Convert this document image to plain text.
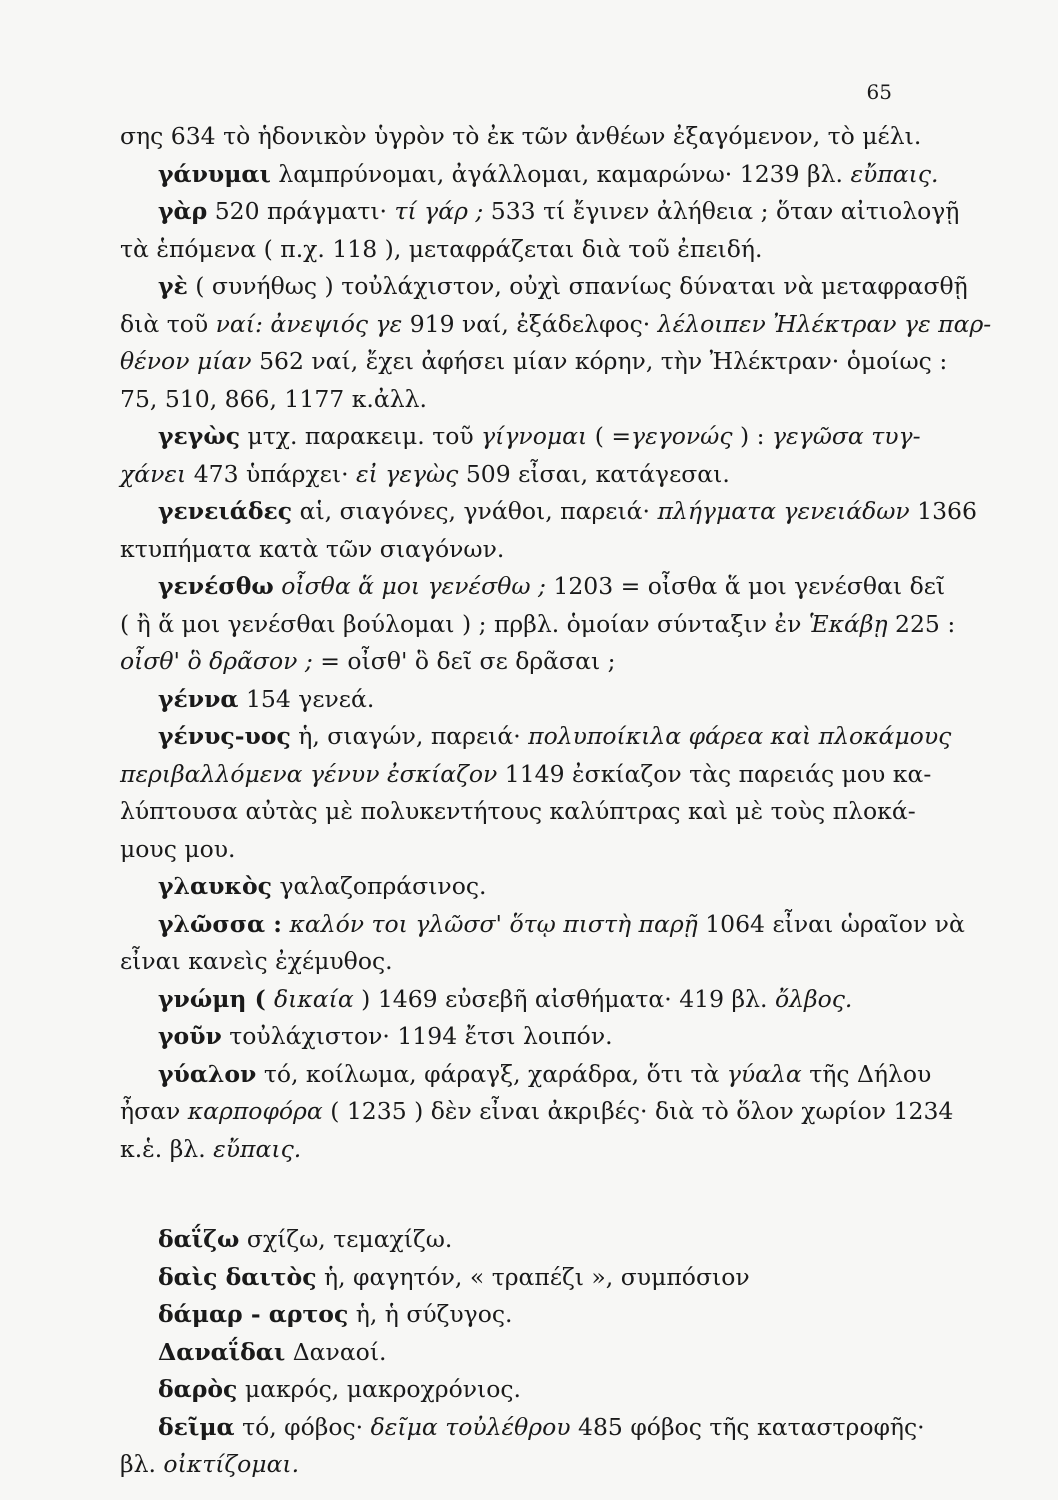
65
σης 634 τὸ ἡδονικὸν ὑγρὸν τὸ ἐκ τῶν ἀνθέων ἐξαγόμενον, τὸ μέλι.
γάνυμαι λαμπρύνομαι, ἀγάλλομαι, καμαρώνω· 1239 βλ. εὔπαις.
γὰρ 520 πράγματι· τί γάρ ; 533 τί ἔγινεν ἀλήθεια ; ὅταν αἰτιολογῇ
τὰ ἑπόμενα ( π.χ. 118 ), μεταφράζεται διὰ τοῦ ἐπειδή.
γὲ ( συνήθως ) τοὐλάχιστον, οὐχὶ σπανίως δύναται νὰ μεταφρασθῇ
διὰ τοῦ ναί: ἀνεψιός γε 919 ναί, ἐξάδελφος· λέλοιπεν Ἠλέκτραν γε παρ-
θένον μίαν 562 ναί, ἔχει ἀφήσει μίαν κόρην, τὴν Ἠλέκτραν· ὁμοίως :
75, 510, 866, 1177 κ.ἀλλ.
γεγὼς μτχ. παρακειμ. τοῦ γίγνομαι ( =γεγονώς ) : γεγῶσα τυγ-
χάνει 473 ὑπάρχει· εἰ γεγὼς 509 εἶσαι, κατάγεσαι.
γενειάδες αἱ, σιαγόνες, γνάθοι, παρειά· πλήγματα γενειάδων 1366
κτυπήματα κατὰ τῶν σιαγόνων.
γενέσθω οἶσθα ἅ μοι γενέσθω ; 1203 = οἶσθα ἅ μοι γενέσθαι δεῖ
( ἢ ἅ μοι γενέσθαι βούλομαι ) ; πρβλ. ὁμοίαν σύνταξιν ἐν Ἑκάβῃ 225 :
οἶσθ' ὃ δρᾶσον ; = οἶσθ' ὃ δεῖ σε δρᾶσαι ;
γέννα 154 γενεά.
γένυς-υος ἡ, σιαγών, παρειά· πολυποίκιλα φάρεα καὶ πλοκάμους
περιβαλλόμενα γένυν ἐσκίαζον 1149 ἐσκίαζον τὰς παρειάς μου κα-
λύπτουσα αὐτὰς μὲ πολυκεντήτους καλύπτρας καὶ μὲ τοὺς πλοκά-
μους μου.
γλαυκὸς γαλαζοπράσινος.
γλῶσσα : καλόν τοι γλῶσσ' ὅτῳ πιστὴ παρῇ 1064 εἶναι ὡραῖον νὰ
εἶναι κανεὶς ἐχέμυθος.
γνώμη ( δικαία ) 1469 εὐσεβῆ αἰσθήματα· 419 βλ. ὄλβος.
γοῦν τοὐλάχιστον· 1194 ἔτσι λοιπόν.
γύαλον τό, κοίλωμα, φάραγξ, χαράδρα, ὅτι τὰ γύαλα τῆς Δήλου
ἦσαν καρποφόρα ( 1235 ) δὲν εἶναι ἀκριβές· διὰ τὸ ὅλον χωρίον 1234
κ.ἑ. βλ. εὔπαις.
δαΐζω σχίζω, τεμαχίζω.
δαὶς δαιτὸς ἡ, φαγητόν, « τραπέζι », συμπόσιον
δάμαρ - αρτος ἡ, ἡ σύζυγος.
Δαναΐδαι Δαναοί.
δαρὸς μακρός, μακροχρόνιος.
δεῖμα τό, φόβος· δεῖμα τοὐλέθρου 485 φόβος τῆς καταστροφῆς·
βλ. οἰκτίζομαι.
